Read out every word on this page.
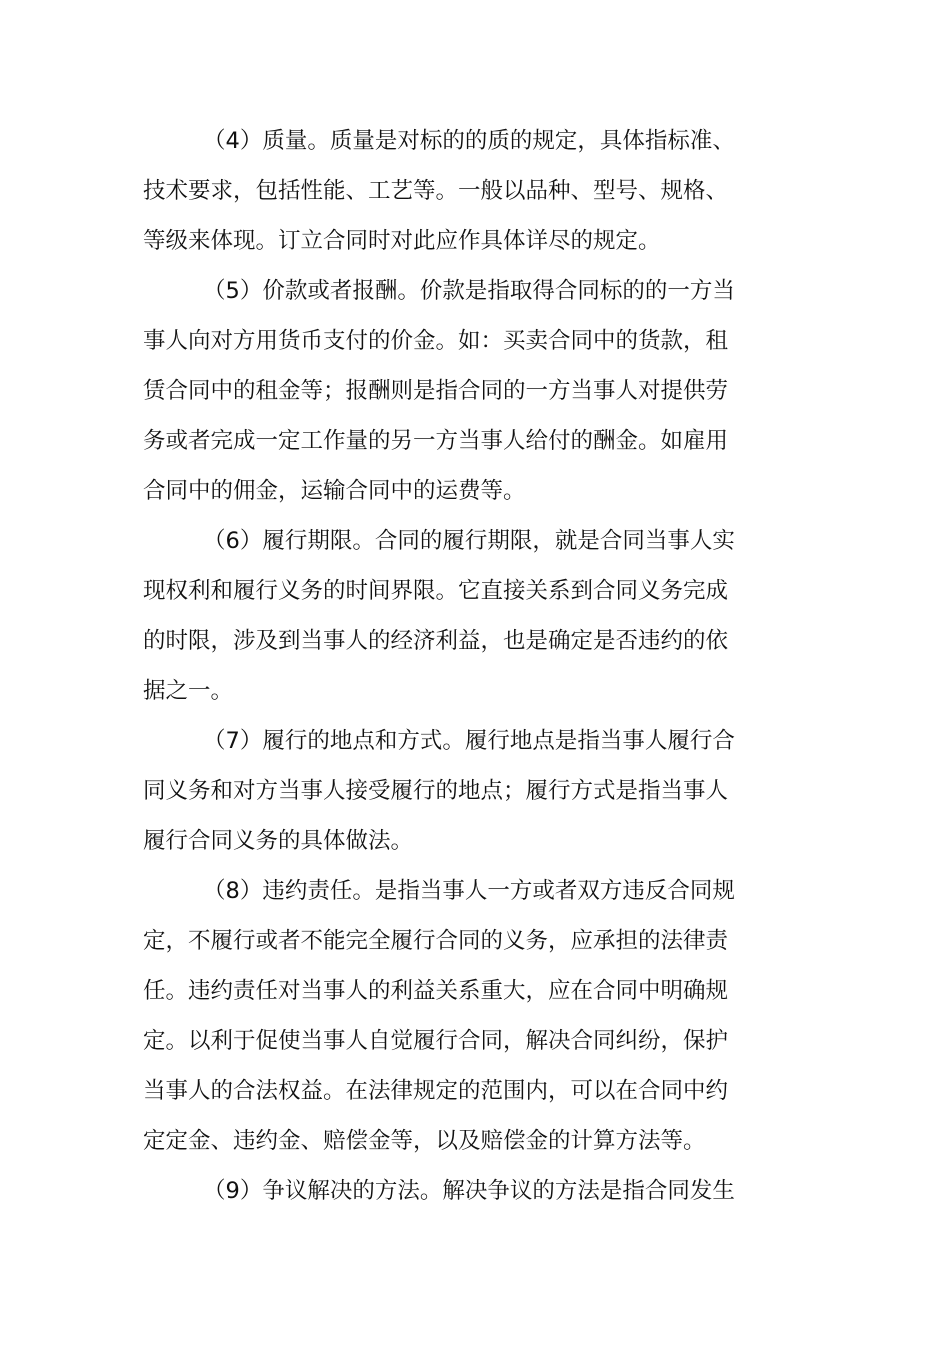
（4）质量。质量是对标的的质的规定，具体指标准、
技术要求，包括性能、工艺等。一般以品种、型号、规格、
等级来体现。订立合同时对此应作具体详尽的规定。
（5）价款或者报酬。价款是指取得合同标的的一方当
事人向对方用货币支付的价金。如：买卖合同中的货款，租
赁合同中的租金等；报酬则是指合同的一方当事人对提供劳
务或者完成一定工作量的另一方当事人给付的酬金。如雇用
合同中的佣金，运输合同中的运费等。
（6）履行期限。合同的履行期限，就是合同当事人实
现权利和履行义务的时间界限。它直接关系到合同义务完成
的时限，涉及到当事人的经济利益，也是确定是否违约的依
据之一。
（7）履行的地点和方式。履行地点是指当事人履行合
同义务和对方当事人接受履行的地点；履行方式是指当事人
履行合同义务的具体做法。
（8）违约责任。是指当事人一方或者双方违反合同规
定，不履行或者不能完全履行合同的义务，应承担的法律责
任。违约责任对当事人的利益关系重大，应在合同中明确规
定。以利于促使当事人自觉履行合同，解决合同纠纷，保护
当事人的合法权益。在法律规定的范围内，可以在合同中约
定定金、违约金、赔偿金等，以及赔偿金的计算方法等。
（9）争议解决的方法。解决争议的方法是指合同发生
